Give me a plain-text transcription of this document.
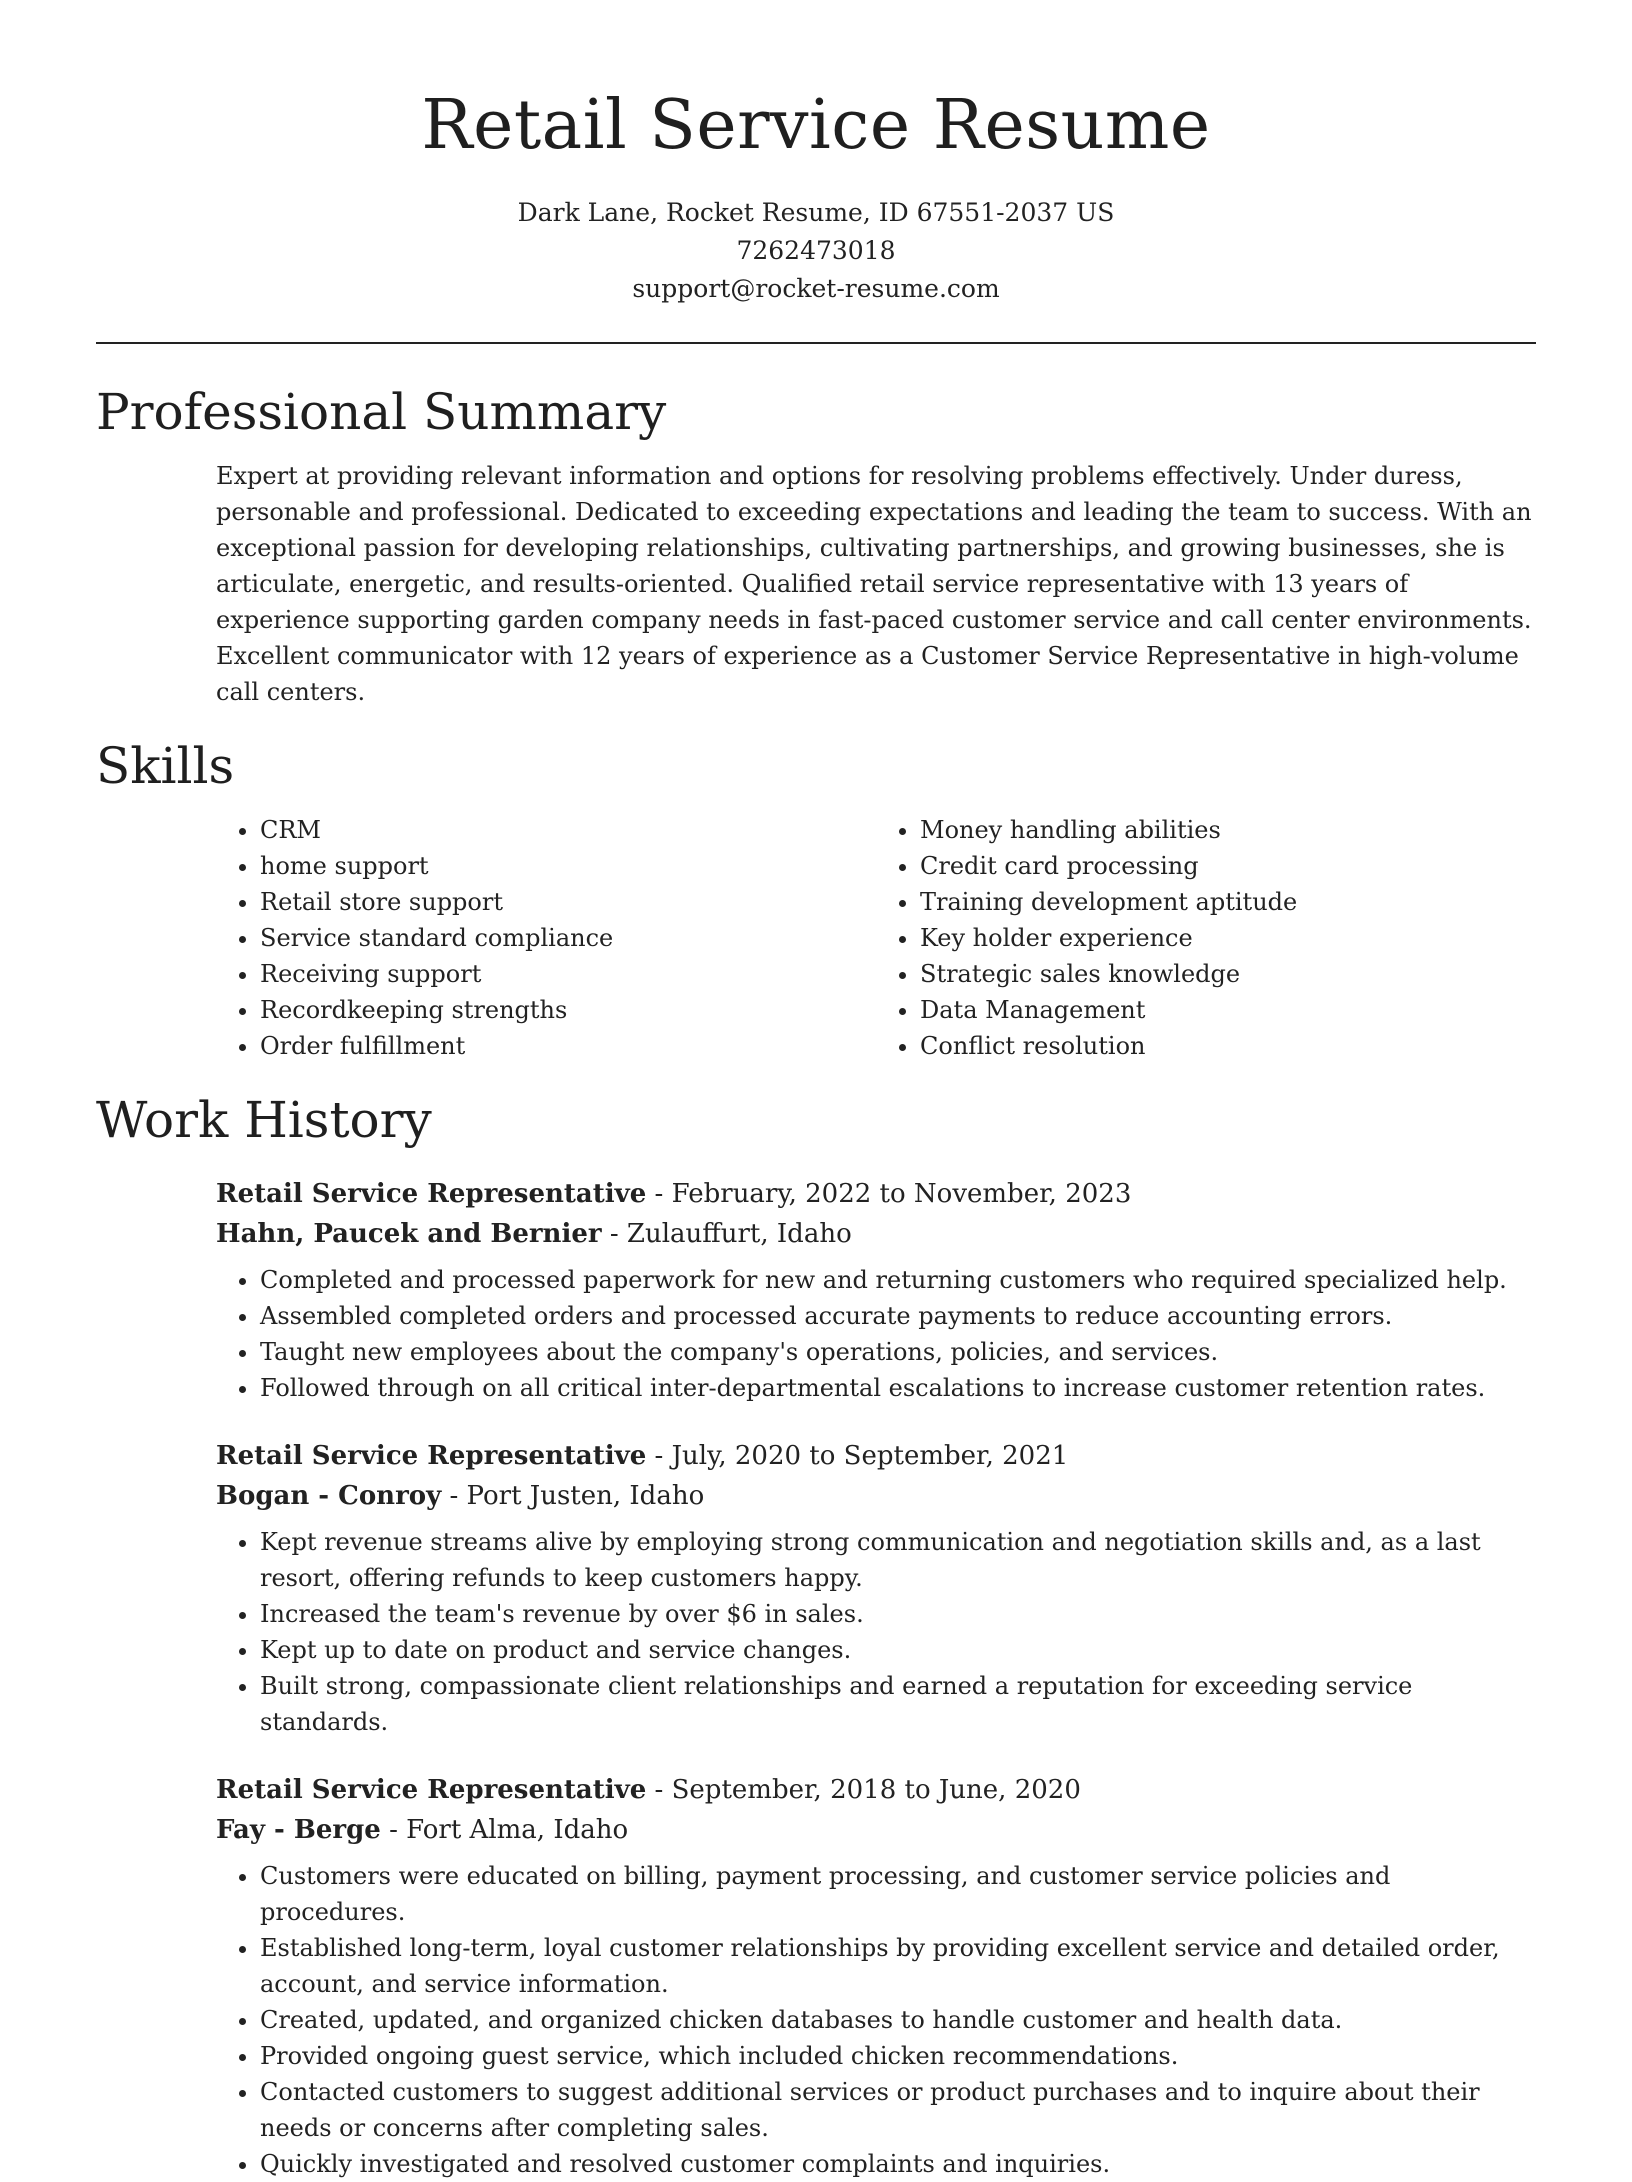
Retail Service Resume
Dark Lane, Rocket Resume, ID 67551-2037 US
7262473018
support@rocket-resume.com
Professional Summary
Expert at providing relevant information and options for resolving problems effectively. Under duress, personable and professional. Dedicated to exceeding expectations and leading the team to success. With an exceptional passion for developing relationships, cultivating partnerships, and growing businesses, she is articulate, energetic, and results-oriented. Qualified retail service representative with 13 years of experience supporting garden company needs in fast-paced customer service and call center environments. Excellent communicator with 12 years of experience as a Customer Service Representative in high-volume call centers.
Skills
• CRM
• home support
• Retail store support
• Service standard compliance
• Receiving support
• Recordkeeping strengths
• Order fulfillment
• Money handling abilities
• Credit card processing
• Training development aptitude
• Key holder experience
• Strategic sales knowledge
• Data Management
• Conflict resolution
Work History
Retail Service Representative - February, 2022 to November, 2023
Hahn, Paucek and Bernier - Zulauffurt, Idaho
• Completed and processed paperwork for new and returning customers who required specialized help.
• Assembled completed orders and processed accurate payments to reduce accounting errors.
• Taught new employees about the company's operations, policies, and services.
• Followed through on all critical inter-departmental escalations to increase customer retention rates.
Retail Service Representative - July, 2020 to September, 2021
Bogan - Conroy - Port Justen, Idaho
• Kept revenue streams alive by employing strong communication and negotiation skills and, as a last resort, offering refunds to keep customers happy.
• Increased the team's revenue by over $6 in sales.
• Kept up to date on product and service changes.
• Built strong, compassionate client relationships and earned a reputation for exceeding service standards.
Retail Service Representative - September, 2018 to June, 2020
Fay - Berge - Fort Alma, Idaho
• Customers were educated on billing, payment processing, and customer service policies and procedures.
• Established long-term, loyal customer relationships by providing excellent service and detailed order, account, and service information.
• Created, updated, and organized chicken databases to handle customer and health data.
• Provided ongoing guest service, which included chicken recommendations.
• Contacted customers to suggest additional services or product purchases and to inquire about their needs or concerns after completing sales.
• Quickly investigated and resolved customer complaints and inquiries.
